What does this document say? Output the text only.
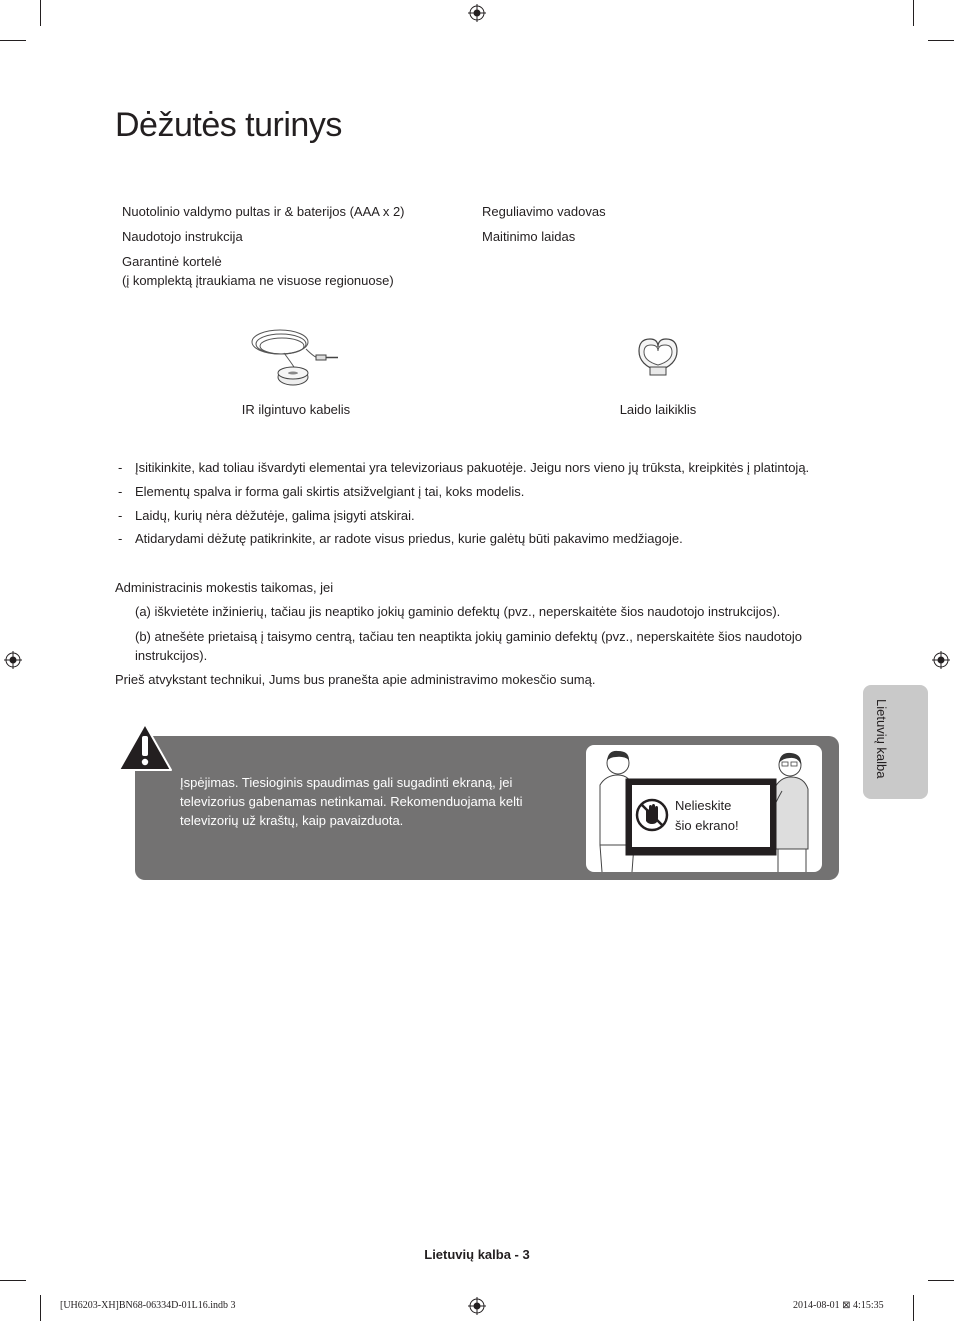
Dėžutės turinys
Nuotolinio valdymo pultas ir & baterijos (AAA x 2)
Naudotojo instrukcija
Garantinė kortelė
(į komplektą įtraukiama ne visuose regionuose)
Reguliavimo vadovas
Maitinimo laidas
IR ilgintuvo kabelis	Laido laikiklis
- Įsitikinkite, kad toliau išvardyti elementai yra televizoriaus pakuotėje. Jeigu nors vieno jų trūksta, kreipkitės į platintoją.
- Elementų spalva ir forma gali skirtis atsižvelgiant į tai, koks modelis.
- Laidų, kurių nėra dėžutėje, galima įsigyti atskirai.
- Atidarydami dėžutę patikrinkite, ar radote visus priedus, kurie galėtų būti pakavimo medžiagoje.
Administracinis mokestis taikomas, jei
(a) iškvietėte inžinierių, tačiau jis neaptiko jokių gaminio defektų (pvz., neperskaitėte šios naudotojo instrukcijos).
(b) atnešėte prietaisą į taisymo centrą, tačiau ten neaptikta jokių gaminio defektų (pvz., neperskaitėte šios naudotojo
instrukcijos).
Prieš atvykstant technikui, Jums bus pranešta apie administravimo mokesčio sumą.
Įspėjimas. Tiesioginis spaudimas gali sugadinti ekraną, jei televizorius gabenamas netinkamai. Rekomenduojama kelti televizorių už kraštų, kaip pavaizduota.
Nelieskite
šio ekrano!
Lietuvių kalba
Lietuvių kalba - 3
[UH6203-XH]BN68-06334D-01L16.indb 3	2014-08-01 ⊠ 4:15:35
